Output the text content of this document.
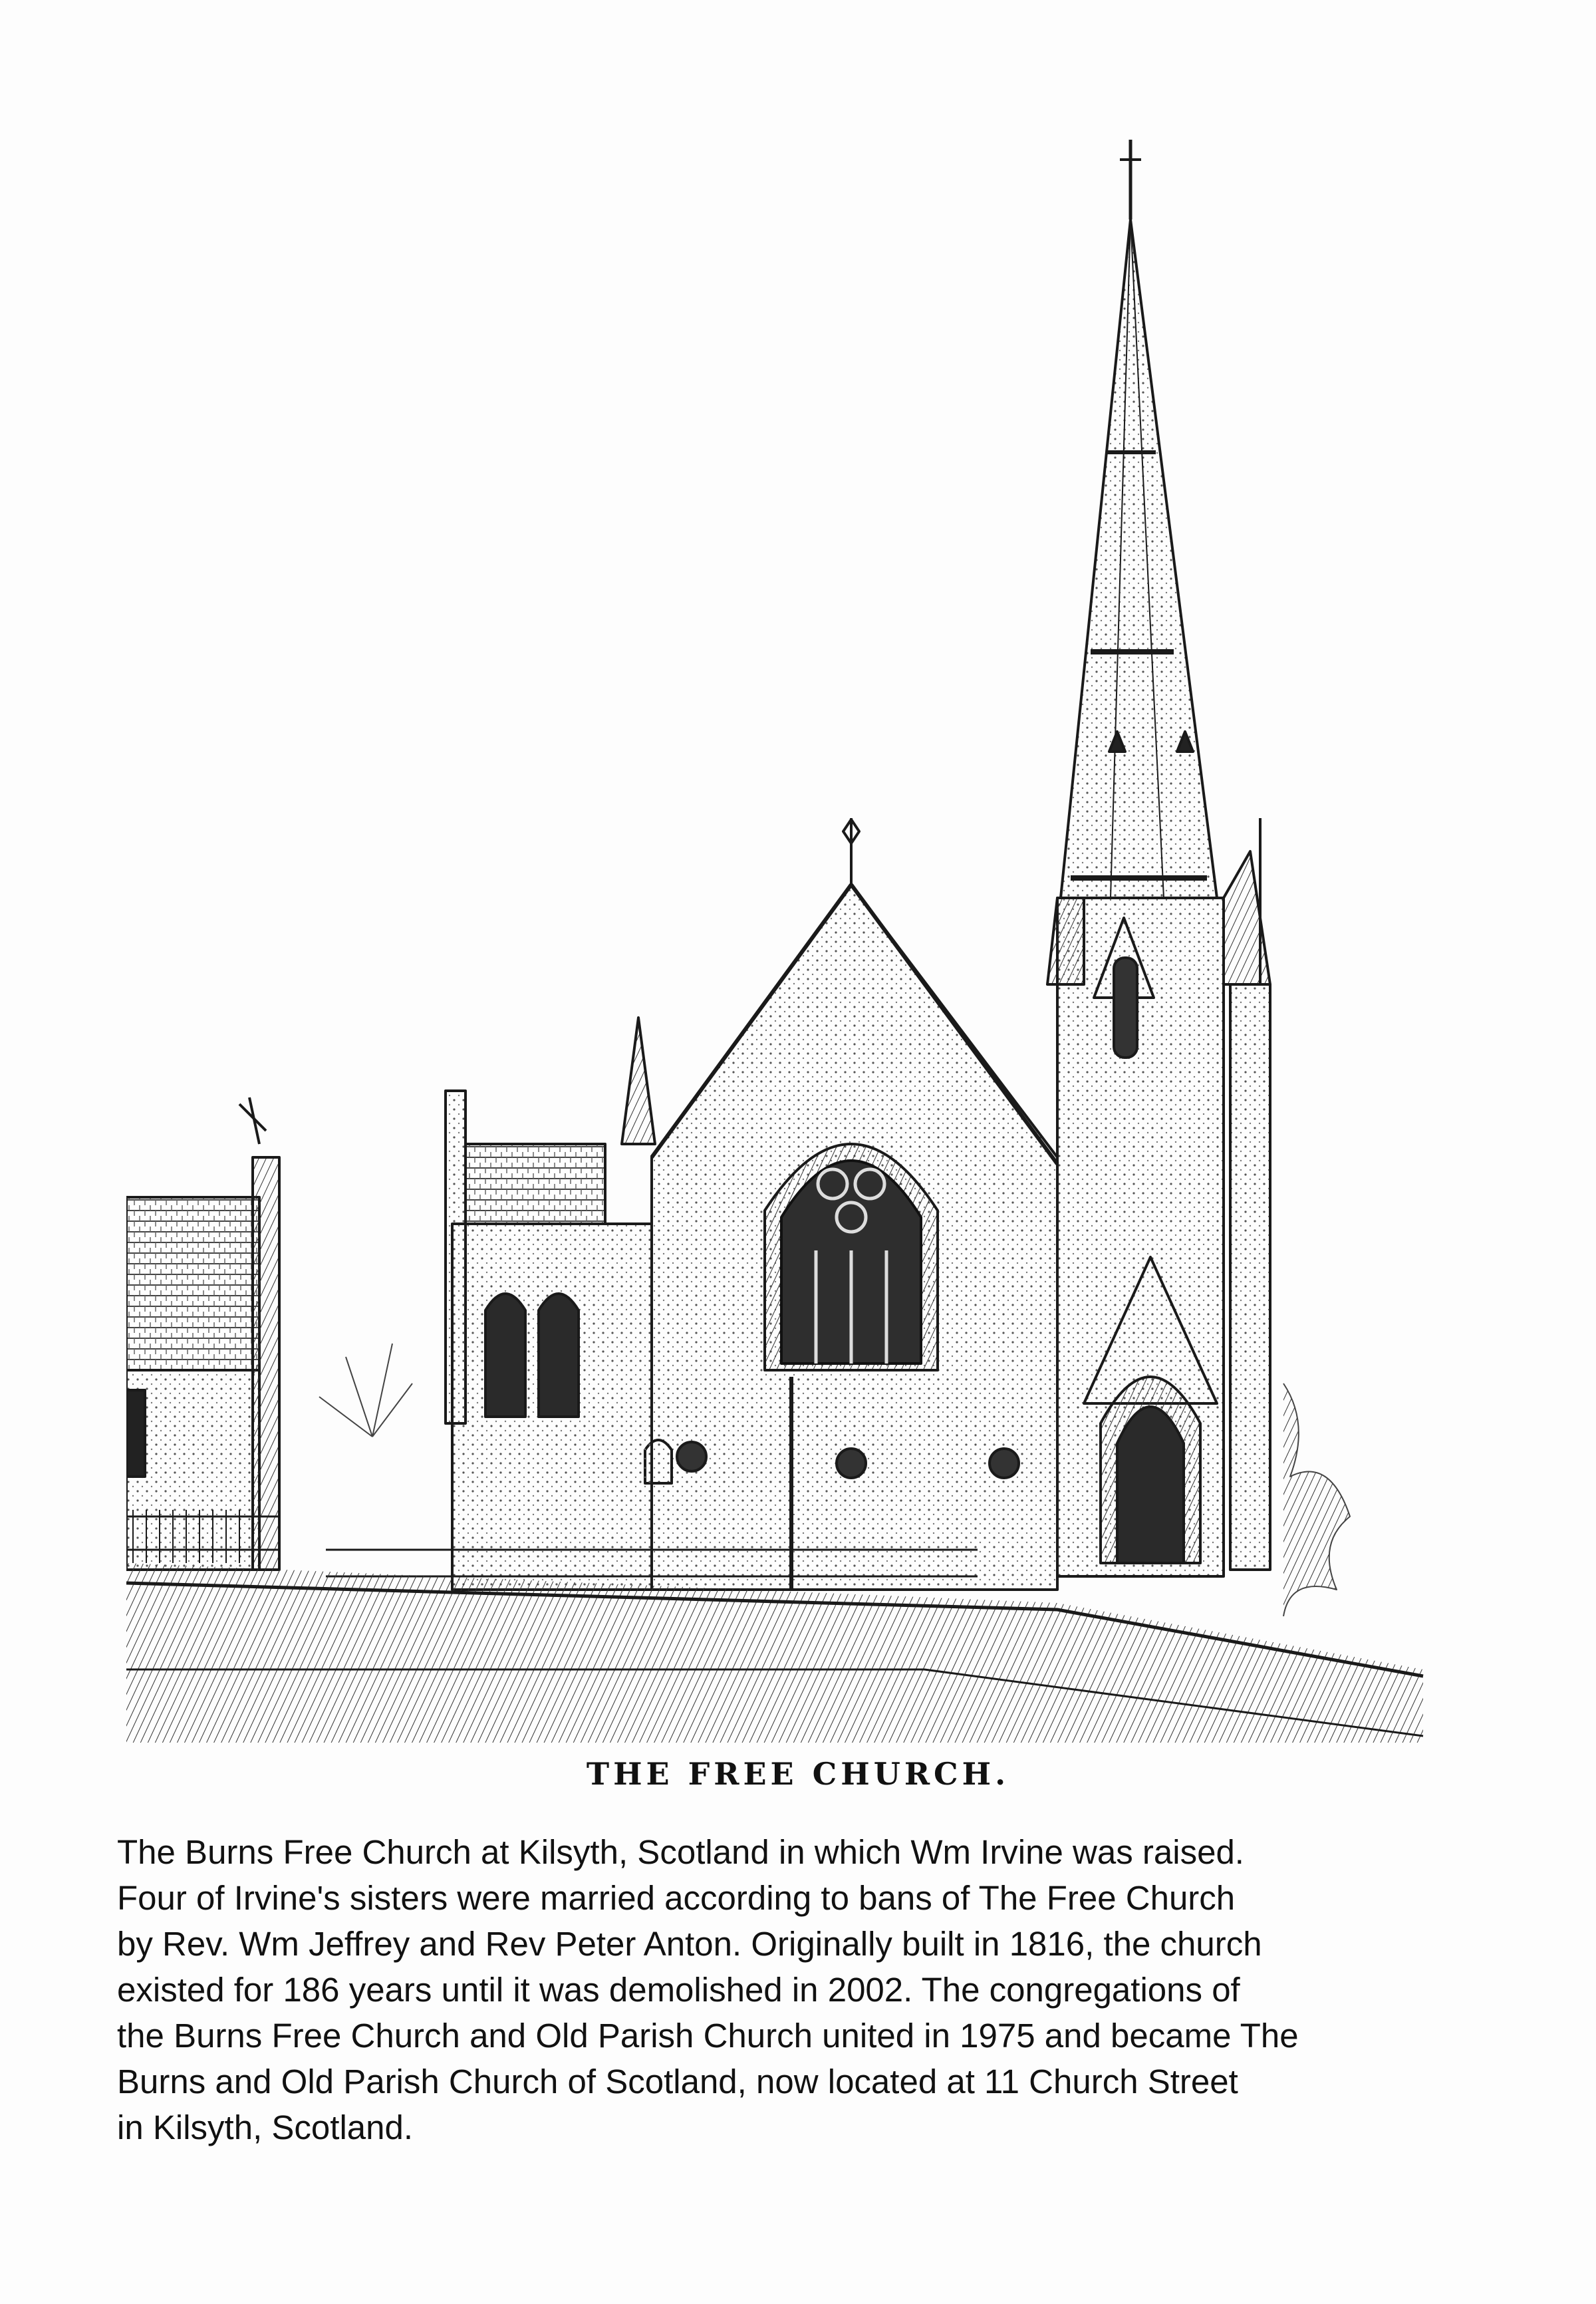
THE FREE CHURCH.
The Burns Free Church at Kilsyth, Scotland in which Wm Irvine was raised.
Four of Irvine's sisters were married according to bans of The Free Church
by Rev. Wm Jeffrey and Rev Peter Anton. Originally built in 1816, the church
existed for 186 years until it was demolished in 2002. The congregations of
the Burns Free Church and Old Parish Church united in 1975 and became The
Burns and Old Parish Church of Scotland, now located at 11 Church Street
in Kilsyth, Scotland.
